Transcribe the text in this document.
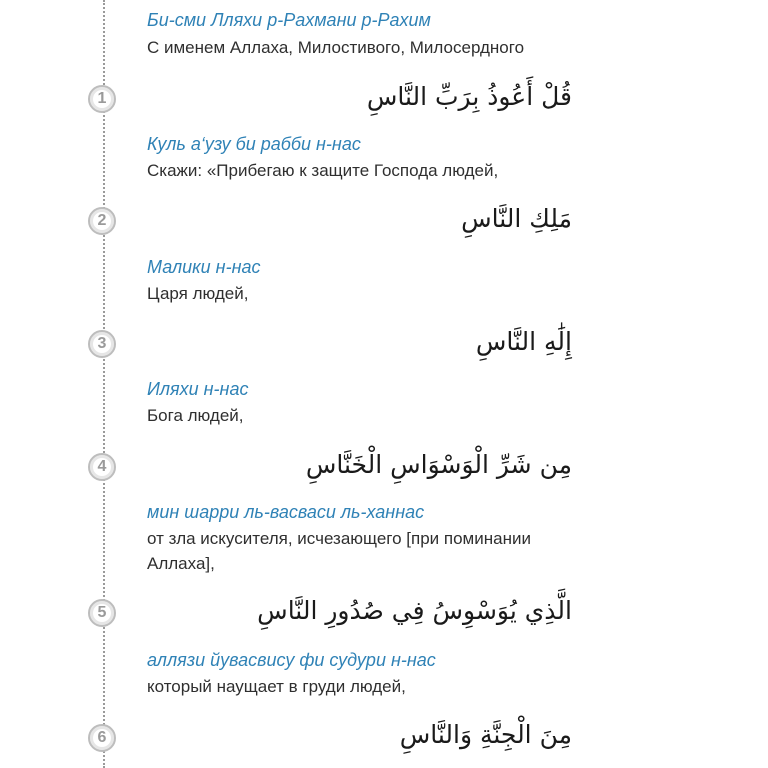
Би-сми Лляхи р-Рахмани р-Рахим
С именем Аллаха, Милостивого, Милосердного
1	قُلْ أَعُوذُ بِرَبِّ النَّاسِ
Куль а‘узу би рабби н-нас
Скажи: «Прибегаю к защите Господа людей,
2	مَلِكِ النَّاسِ
Малики н-нас
Царя людей,
3	إِلَٰهِ النَّاسِ
Иляхи н-нас
Бога людей,
4	مِن شَرِّ الْوَسْوَاسِ الْخَنَّاسِ
мин шарри ль-васваси ль-ханнас
от зла искусителя, исчезающего [при поминании
Аллаха],
5	الَّذِي يُوَسْوِسُ فِي صُدُورِ النَّاسِ
аллязи йувасвису фи судури н-нас
который наущает в груди людей,
6	مِنَ الْجِنَّةِ وَالنَّاسِ
